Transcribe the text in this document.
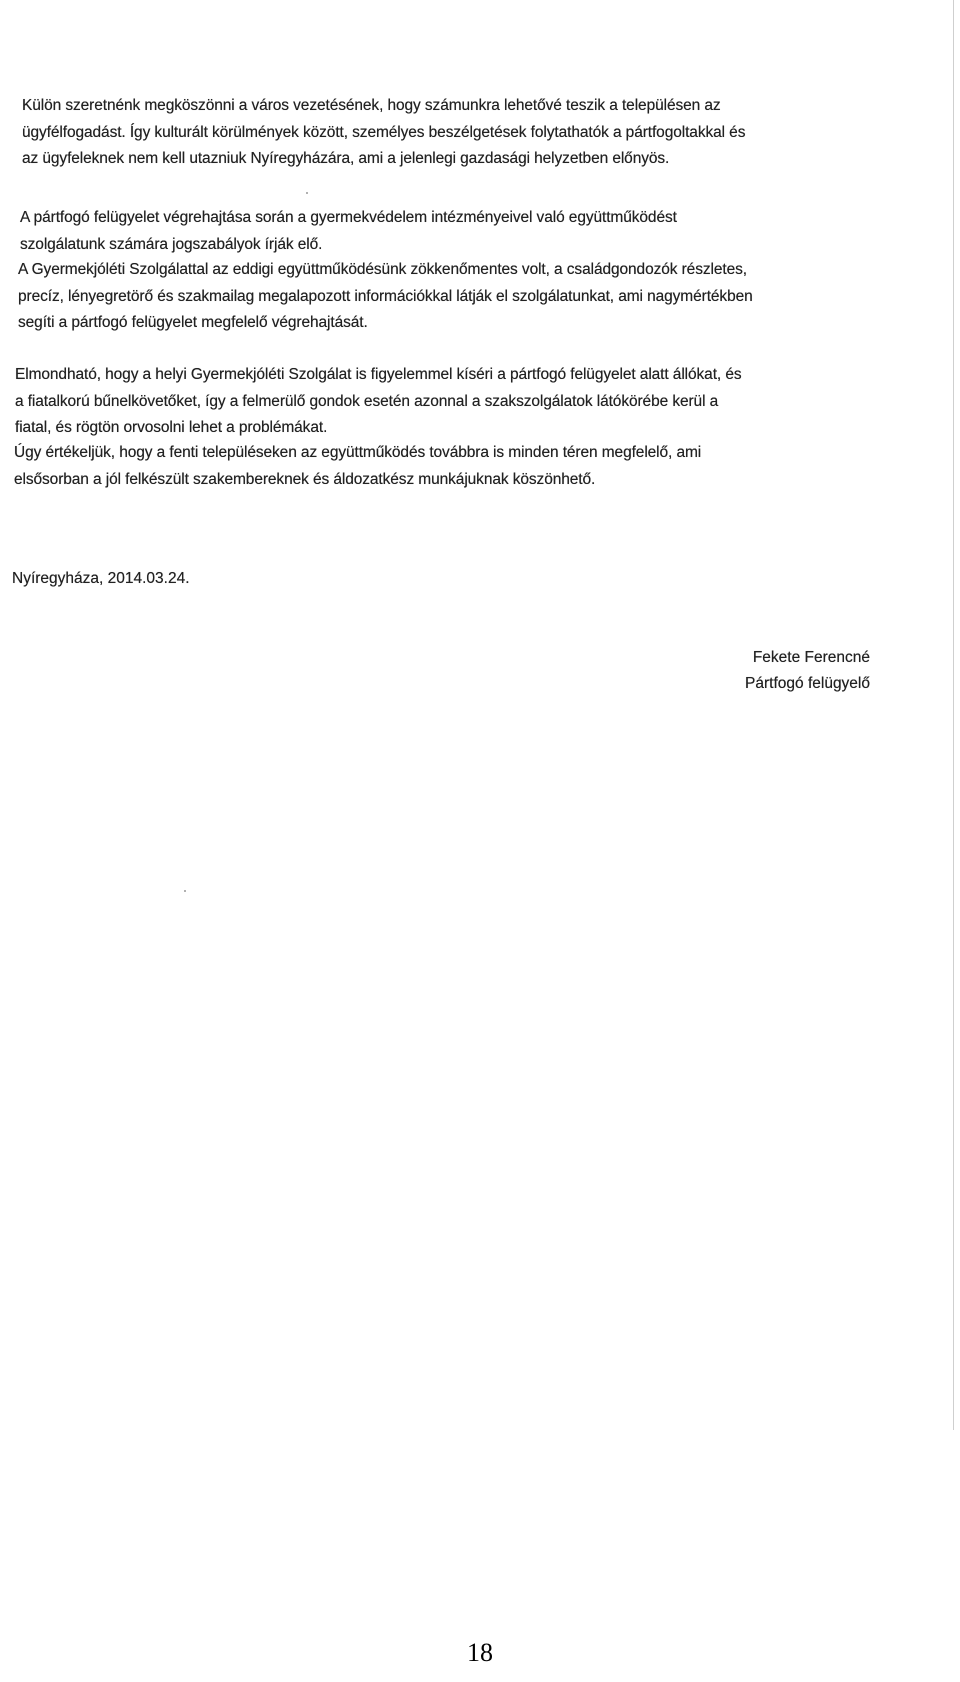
Külön szeretnénk megköszönni a város vezetésének, hogy számunkra lehetővé teszik a településen az
ügyfélfogadást. Így kulturált körülmények között, személyes beszélgetések folytathatók a pártfogoltakkal és
az ügyfeleknek nem kell utazniuk Nyíregyházára, ami a jelenlegi gazdasági helyzetben előnyös.

A pártfogó felügyelet végrehajtása során a gyermekvédelem intézményeivel való együttműködést
szolgálatunk számára jogszabályok írják elő.

A Gyermekjóléti Szolgálattal az eddigi együttműködésünk zökkenőmentes volt, a családgondozók részletes,
precíz, lényegretörő és szakmailag megalapozott információkkal látják el szolgálatunkat, ami nagymértékben
segíti a pártfogó felügyelet megfelelő végrehajtását.

Elmondható, hogy a helyi Gyermekjóléti Szolgálat is figyelemmel kíséri a pártfogó felügyelet alatt állókat, és
a fiatalkorú bűnelkövetőket, így a felmerülő gondok esetén azonnal a szakszolgálatok látókörébe kerül a
fiatal, és rögtön orvosolni lehet a problémákat.

Úgy értékeljük, hogy a fenti településeken az együttműködés továbbra is minden téren megfelelő, ami
elsősorban a jól felkészült szakembereknek és áldozatkész munkájuknak köszönhető.

Nyíregyháza, 2014.03.24.
Fekete Ferencné
Pártfogó felügyelő
18
